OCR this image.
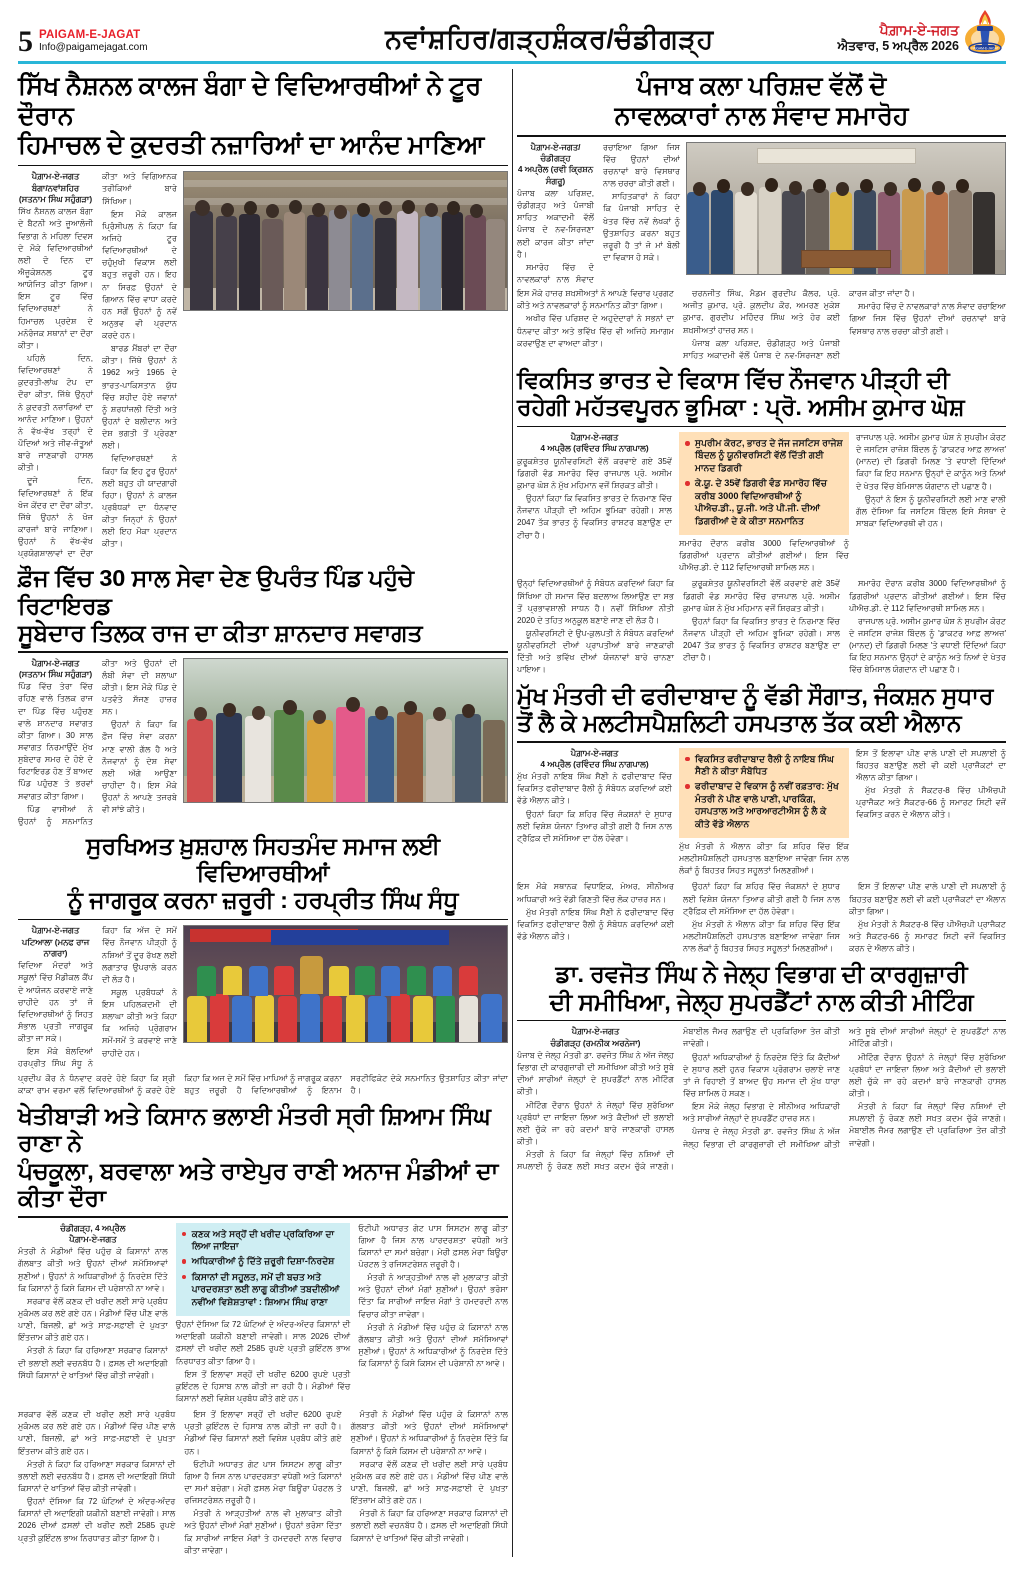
5 PAIGAM-E-JAGAT
Info@paigamejagat.com	ਨਵਾਂਸ਼ਹਿਰ/ਗੜ੍ਹਸ਼ੰਕਰ/ਚੰਡੀਗੜ੍ਹ	ਪੈਗ਼ਾਮ-ਏ-ਜਗਤ
ਐਤਵਾਰ, 5 ਅਪ੍ਰੈਲ 2026	PAIGAM-E-JAGAT
ਸਿੱਖ ਨੈਸ਼ਨਲ ਕਾਲਜ ਬੰਗਾ ਦੇ ਵਿਦਿਆਰਥੀਆਂ ਨੇ ਟੂਰ ਦੌਰਾਨ
ਹਿਮਾਚਲ ਦੇ ਕੁਦਰਤੀ ਨਜ਼ਾਰਿਆਂ ਦਾ ਆਨੰਦ ਮਾਣਿਆ
ਪੈਗ਼ਾਮ-ਏ-ਜਗਤ
ਬੰਗਾ/ਨਵਾਂਸ਼ਹਿਰ (ਸਤਨਾਮ ਸਿੰਘ ਸਹੁੰਗੜਾ)

ਸਿੱਖ ਨੈਸ਼ਨਲ ਕਾਲਜ ਬੰਗਾ ਦੇ ਬੈਟਨੀ ਅਤੇ ਜੂਆਲੋਜੀ ਵਿਭਾਗ ਨੇ ਮਹਿਲਾ ਦਿਵਸ ਦੇ ਮੌਕੇ ਵਿਦਿਆਰਥੀਆਂ ਲਈ ਦੋ ਦਿਨ ਦਾ ਐਜੂਕੇਸ਼ਨਲ ਟੂਰ ਆਯੋਜਿਤ ਕੀਤਾ ਗਿਆ। ਇਸ ਟੂਰ ਵਿੱਚ ਵਿਦਿਆਰਥਣਾਂ ਨੇ ਹਿਮਾਚਲ ਪ੍ਰਦੇਸ਼ ਦੇ ਮਨੋਰੰਜਕ ਸਥਾਨਾਂ ਦਾ ਦੌਰਾ ਕੀਤਾ।

ਪਹਿਲੇ ਦਿਨ, ਵਿਦਿਆਰਥਣਾਂ ਨੇ ਕੁਦਰਤੀ-ਲਾਂਘ ਟੋਪ ਦਾ ਦੌਰਾ ਕੀਤਾ, ਜਿੱਥੇ ਉਨ੍ਹਾਂ ਨੇ ਕੁਦਰਤੀ ਨਜ਼ਾਰਿਆਂ ਦਾ ਆਨੰਦ ਮਾਣਿਆ। ਉਹਨਾਂ ਨੇ ਵੱਖ-ਵੱਖ ਤਰ੍ਹਾਂ ਦੇ ਪੌਦਿਆਂ ਅਤੇ ਜੀਵ-ਜੰਤੂਆਂ ਬਾਰੇ ਜਾਣਕਾਰੀ ਹਾਸਲ ਕੀਤੀ।

ਦੂਜੇ ਦਿਨ, ਵਿਦਿਆਰਥਣਾਂ ਨੇ ਇੱਕ ਖੋਜ ਕੇਂਦਰ ਦਾ ਦੌਰਾ ਕੀਤਾ, ਜਿੱਥੇ ਉਹਨਾਂ ਨੇ ਖੋਜ ਕਾਰਜਾਂ ਬਾਰੇ ਜਾਣਿਆ। ਉਹਨਾਂ ਨੇ ਵੱਖ-ਵੱਖ ਪ੍ਰਯੋਗਸ਼ਾਲਾਵਾਂ ਦਾ ਦੌਰਾ ਕੀਤਾ ਅਤੇ ਵਿਗਿਆਨਕ ਤਰੀਕਿਆਂ ਬਾਰੇ ਸਿੱਖਿਆ।

ਇਸ ਮੌਕੇ ਕਾਲਜ ਪ੍ਰਿੰਸੀਪਲ ਨੇ ਕਿਹਾ ਕਿ ਅਜਿਹੇ ਟੂਰ ਵਿਦਿਆਰਥੀਆਂ ਦੇ ਚਹੁੰਮੁਖੀ ਵਿਕਾਸ ਲਈ ਬਹੁਤ ਜ਼ਰੂਰੀ ਹਨ। ਇਹ ਨਾ ਸਿਰਫ਼ ਉਹਨਾਂ ਦੇ ਗਿਆਨ ਵਿੱਚ ਵਾਧਾ ਕਰਦੇ ਹਨ ਸਗੋਂ ਉਹਨਾਂ ਨੂੰ ਨਵੇਂ ਅਨੁਭਵ ਵੀ ਪ੍ਰਦਾਨ ਕਰਦੇ ਹਨ।

ਬਾਰਡ ਮੈਂਬਰਾਂ ਦਾ ਦੌਰਾ ਕੀਤਾ। ਜਿੱਥੇ ਉਹਨਾਂ ਨੇ 1962 ਅਤੇ 1965 ਦੇ ਭਾਰਤ-ਪਾਕਿਸਤਾਨ ਯੁੱਧ ਵਿੱਚ ਸ਼ਹੀਦ ਹੋਏ ਜਵਾਨਾਂ ਨੂੰ ਸ਼ਰਧਾਂਜਲੀ ਦਿੱਤੀ ਅਤੇ ਉਹਨਾਂ ਦੇ ਬਲੀਦਾਨ ਅਤੇ ਦੇਸ਼ ਭਗਤੀ ਤੋਂ ਪ੍ਰੇਰਣਾ ਲਈ।

ਵਿਦਿਆਰਥਣਾਂ ਨੇ ਕਿਹਾ ਕਿ ਇਹ ਟੂਰ ਉਹਨਾਂ ਲਈ ਬਹੁਤ ਹੀ ਯਾਦਗਾਰੀ ਰਿਹਾ। ਉਹਨਾਂ ਨੇ ਕਾਲਜ ਪ੍ਰਬੰਧਕਾਂ ਦਾ ਧੰਨਵਾਦ ਕੀਤਾ ਜਿਨ੍ਹਾਂ ਨੇ ਉਹਨਾਂ ਲਈ ਇਹ ਮੌਕਾ ਪ੍ਰਦਾਨ ਕੀਤਾ।

ਫ਼ੌਜ ਵਿੱਚ 30 ਸਾਲ ਸੇਵਾ ਦੇਣ ਉਪਰੰਤ ਪਿੰਡ ਪਹੁੰਚੇ ਰਿਟਾਇਰਡ
ਸੂਬੇਦਾਰ ਤਿਲਕ ਰਾਜ ਦਾ ਕੀਤਾ ਸ਼ਾਨਦਾਰ ਸਵਾਗਤ
ਪੈਗ਼ਾਮ-ਏ-ਜਗਤ
(ਸਤਨਾਮ ਸਿੰਘ ਸਹੁੰਗੜਾ)

ਪਿੰਡ ਵਿੱਚ ਤੇਰਾ ਵਿੱਚ ਰਹਿਣ ਵਾਲੇ ਤਿਲਕ ਰਾਜ ਦਾ ਪਿੰਡ ਵਿੱਚ ਪਹੁੰਚਣ ਵਾਲੇ ਸ਼ਾਨਦਾਰ ਸਵਾਗਤ ਕੀਤਾ ਗਿਆ। 30 ਸਾਲ ਸਵਾਗਤ ਨਿਰਮਾਉਂਦੇ ਮੁੱਖ ਸੁਬੇਦਾਰ ਸਮਰ ਦੇ ਹੋਏ ਦੇ ਰਿਟਾਇਰਡ ਹੋਣ ਤੋਂ ਬਾਅਦ ਪਿੰਡ ਪਹੁੰਚਣ ਤੇ ਭਰਵਾਂ ਸਵਾਗਤ ਕੀਤਾ ਗਿਆ।

ਪਿੰਡ ਵਾਸੀਆਂ ਨੇ ਉਹਨਾਂ ਨੂੰ ਸਨਮਾਨਿਤ ਕੀਤਾ ਅਤੇ ਉਹਨਾਂ ਦੀ ਲੰਬੀ ਸੇਵਾ ਦੀ ਸ਼ਲਾਘਾ ਕੀਤੀ। ਇਸ ਮੌਕੇ ਪਿੰਡ ਦੇ ਪਤਵੰਤੇ ਸੱਜਣ ਹਾਜ਼ਰ ਸਨ।

ਉਹਨਾਂ ਨੇ ਕਿਹਾ ਕਿ ਫ਼ੌਜ ਵਿੱਚ ਸੇਵਾ ਕਰਨਾ ਮਾਣ ਵਾਲੀ ਗੱਲ ਹੈ ਅਤੇ ਨੌਜਵਾਨਾਂ ਨੂੰ ਦੇਸ਼ ਸੇਵਾ ਲਈ ਅੱਗੇ ਆਉਣਾ ਚਾਹੀਦਾ ਹੈ। ਇਸ ਮੌਕੇ ਉਹਨਾਂ ਨੇ ਆਪਣੇ ਤਜਰਬੇ ਵੀ ਸਾਂਝੇ ਕੀਤੇ।

ਸੁਰਖਿਅਤ ਖ਼ੁਸ਼ਹਾਲ ਸਿਹਤਮੰਦ ਸਮਾਜ ਲਈ ਵਿਦਿਆਰਥੀਆਂ
ਨੂੰ ਜਾਗਰੂਕ ਕਰਨਾ ਜ਼ਰੂਰੀ : ਹਰਪ੍ਰੀਤ ਸਿੰਘ ਸੰਧੂ
ਪੈਗ਼ਾਮ-ਏ-ਜਗਤ
ਪਟਿਆਲਾ (ਮਨਫ ਰਾਜ ਨਾਗਰਾ)

ਵਿਦਿਆ ਮੰਦਰਾਂ ਅਤੇ ਸਕੂਲਾਂ ਵਿੱਚ ਮੈਡੀਕਲ ਕੈਂਪ ਦੇ ਆਯੋਜਨ ਕਰਵਾਏ ਜਾਣੇ ਚਾਹੀਦੇ ਹਨ ਤਾਂ ਜੋ ਵਿਦਿਆਰਥੀਆਂ ਨੂੰ ਸਿਹਤ ਸੰਭਾਲ ਪ੍ਰਤੀ ਜਾਗਰੂਕ ਕੀਤਾ ਜਾ ਸਕੇ।

ਇਸ ਮੌਕੇ ਬੋਲਦਿਆਂ ਹਰਪ੍ਰੀਤ ਸਿੰਘ ਸੰਧੂ ਨੇ ਕਿਹਾ ਕਿ ਅੱਜ ਦੇ ਸਮੇਂ ਵਿੱਚ ਨੌਜਵਾਨ ਪੀੜ੍ਹੀ ਨੂੰ ਨਸ਼ਿਆਂ ਤੋਂ ਦੂਰ ਰੱਖਣ ਲਈ ਲਗਾਤਾਰ ਉਪਰਾਲੇ ਕਰਨ ਦੀ ਲੋੜ ਹੈ।

ਸਕੂਲ ਪ੍ਰਬੰਧਕਾਂ ਨੇ ਇਸ ਪਹਿਲਕਦਮੀ ਦੀ ਸ਼ਲਾਘਾ ਕੀਤੀ ਅਤੇ ਕਿਹਾ ਕਿ ਅਜਿਹੇ ਪ੍ਰੋਗਰਾਮ ਸਮੇਂ-ਸਮੇਂ ਤੇ ਕਰਵਾਏ ਜਾਣੇ ਚਾਹੀਦੇ ਹਨ।

ਪ੍ਰਦੀਪ ਕੌਰ ਨੇ ਧੰਨਵਾਦ ਕਰਦੇ ਹੋਏ ਕਿਹਾ ਕਿ ਸ਼੍ਰੀ ਕਾਕਾ ਰਾਮ ਵਰਮਾ ਵਲੋਂ ਵਿਦਿਆਰਥੀਆਂ ਨੂੰ ਕਰਦੇ ਹੋਏ ਕਿਹਾ ਕਿ ਅਜ ਦੇ ਸਮੇਂ ਵਿੱਚ ਮਾਪਿਆਂ ਨੂੰ ਜਾਗਰੂਕ ਕਰਨਾ ਬਹੁਤ ਜ਼ਰੂਰੀ ਹੈ ਵਿਦਿਆਰਥੀਆਂ ਨੂੰ ਇਨਾਮ ਸਰਟੀਫਿਕੇਟ ਦੇਕੇ ਸਨਮਾਨਿਤ ਉਤਸ਼ਾਹਿਤ ਕੀਤਾ ਜਾਂਦਾ ਹੈ।

ਖੇਤੀਬਾੜੀ ਅਤੇ ਕਿਸਾਨ ਭਲਾਈ ਮੰਤਰੀ ਸ੍ਰੀ ਸ਼ਿਆਮ ਸਿੰਘ ਰਾਣਾ ਨੇ
ਪੰਚਕੂਲਾ, ਬਰਵਾਲਾ ਅਤੇ ਰਾਏਪੁਰ ਰਾਣੀ ਅਨਾਜ ਮੰਡੀਆਂ ਦਾ ਕੀਤਾ ਦੌਰਾ
ਚੰਡੀਗੜ੍ਹ, 4 ਅਪ੍ਰੈਲ
ਪੈਗ਼ਾਮ-ਏ-ਜਗਤ

ਮੰਤਰੀ ਨੇ ਮੰਡੀਆਂ ਵਿੱਚ ਪਹੁੰਚ ਕੇ ਕਿਸਾਨਾਂ ਨਾਲ ਗੱਲਬਾਤ ਕੀਤੀ ਅਤੇ ਉਹਨਾਂ ਦੀਆਂ ਸਮੱਸਿਆਵਾਂ ਸੁਣੀਆਂ। ਉਹਨਾਂ ਨੇ ਅਧਿਕਾਰੀਆਂ ਨੂੰ ਨਿਰਦੇਸ਼ ਦਿੱਤੇ ਕਿ ਕਿਸਾਨਾਂ ਨੂੰ ਕਿਸੇ ਕਿਸਮ ਦੀ ਪਰੇਸ਼ਾਨੀ ਨਾ ਆਵੇ।

ਸਰਕਾਰ ਵੱਲੋਂ ਕਣਕ ਦੀ ਖਰੀਦ ਲਈ ਸਾਰੇ ਪ੍ਰਬੰਧ ਮੁਕੰਮਲ ਕਰ ਲਏ ਗਏ ਹਨ। ਮੰਡੀਆਂ ਵਿੱਚ ਪੀਣ ਵਾਲੇ ਪਾਣੀ, ਬਿਜਲੀ, ਛਾਂ ਅਤੇ ਸਾਫ਼-ਸਫ਼ਾਈ ਦੇ ਪੁਖ਼ਤਾ ਇੰਤਜ਼ਾਮ ਕੀਤੇ ਗਏ ਹਨ।

ਮੰਤਰੀ ਨੇ ਕਿਹਾ ਕਿ ਹਰਿਆਣਾ ਸਰਕਾਰ ਕਿਸਾਨਾਂ ਦੀ ਭਲਾਈ ਲਈ ਵਚਨਬੱਧ ਹੈ। ਫ਼ਸਲ ਦੀ ਅਦਾਇਗੀ ਸਿੱਧੀ ਕਿਸਾਨਾਂ ਦੇ ਖਾਤਿਆਂ ਵਿੱਚ ਕੀਤੀ ਜਾਵੇਗੀ।

ਕਣਕ ਅਤੇ ਸਰ੍ਹੋਂ ਦੀ ਖਰੀਦ ਪ੍ਰਕਿਰਿਆ ਦਾ ਲਿਆ ਜਾਇਜ਼ਾ
ਅਧਿਕਾਰੀਆਂ ਨੂੰ ਦਿੱਤੇ ਜ਼ਰੂਰੀ ਦਿਸ਼ਾ-ਨਿਰਦੇਸ਼
ਕਿਸਾਨਾਂ ਦੀ ਸਹੂਲਤ, ਸਮੇਂ ਦੀ ਬਚਤ ਅਤੇ ਪਾਰਦਰਸ਼ਤਾ ਲਈ ਲਾਗੂ ਕੀਤੀਆਂ ਤਬਦੀਲੀਆਂ ਨਵੀਂਆਂ ਵਿਸ਼ੇਸ਼ਤਾਵਾਂ : ਸ਼ਿਆਮ ਸਿੰਘ ਰਾਣਾ

ਉਹਨਾਂ ਦੱਸਿਆ ਕਿ 72 ਘੰਟਿਆਂ ਦੇ ਅੰਦਰ-ਅੰਦਰ ਕਿਸਾਨਾਂ ਦੀ ਅਦਾਇਗੀ ਯਕੀਨੀ ਬਣਾਈ ਜਾਵੇਗੀ। ਸਾਲ 2026 ਦੀਆਂ ਫ਼ਸਲਾਂ ਦੀ ਖਰੀਦ ਲਈ 2585 ਰੁਪਏ ਪ੍ਰਤੀ ਕੁਇੰਟਲ ਭਾਅ ਨਿਰਧਾਰਤ ਕੀਤਾ ਗਿਆ ਹੈ।

ਇਸ ਤੋਂ ਇਲਾਵਾ ਸਰ੍ਹੋਂ ਦੀ ਖਰੀਦ 6200 ਰੁਪਏ ਪ੍ਰਤੀ ਕੁਇੰਟਲ ਦੇ ਹਿਸਾਬ ਨਾਲ ਕੀਤੀ ਜਾ ਰਹੀ ਹੈ। ਮੰਡੀਆਂ ਵਿੱਚ ਕਿਸਾਨਾਂ ਲਈ ਵਿਸ਼ੇਸ਼ ਪ੍ਰਬੰਧ ਕੀਤੇ ਗਏ ਹਨ।

ਓਟੀਪੀ ਅਧਾਰਤ ਗੇਟ ਪਾਸ ਸਿਸਟਮ ਲਾਗੂ ਕੀਤਾ ਗਿਆ ਹੈ ਜਿਸ ਨਾਲ ਪਾਰਦਰਸ਼ਤਾ ਵਧੇਗੀ ਅਤੇ ਕਿਸਾਨਾਂ ਦਾ ਸਮਾਂ ਬਚੇਗਾ। ਮੇਰੀ ਫ਼ਸਲ ਮੇਰਾ ਬਿਊਰਾ ਪੋਰਟਲ ਤੇ ਰਜਿਸਟਰੇਸ਼ਨ ਜ਼ਰੂਰੀ ਹੈ।

ਮੰਤਰੀ ਨੇ ਆੜ੍ਹਤੀਆਂ ਨਾਲ ਵੀ ਮੁਲਾਕਾਤ ਕੀਤੀ ਅਤੇ ਉਹਨਾਂ ਦੀਆਂ ਮੰਗਾਂ ਸੁਣੀਆਂ। ਉਹਨਾਂ ਭਰੋਸਾ ਦਿੱਤਾ ਕਿ ਸਾਰੀਆਂ ਜਾਇਜ਼ ਮੰਗਾਂ ਤੇ ਹਮਦਰਦੀ ਨਾਲ ਵਿਚਾਰ ਕੀਤਾ ਜਾਵੇਗਾ।

ਮੰਤਰੀ ਨੇ ਮੰਡੀਆਂ ਵਿੱਚ ਪਹੁੰਚ ਕੇ ਕਿਸਾਨਾਂ ਨਾਲ ਗੱਲਬਾਤ ਕੀਤੀ ਅਤੇ ਉਹਨਾਂ ਦੀਆਂ ਸਮੱਸਿਆਵਾਂ ਸੁਣੀਆਂ। ਉਹਨਾਂ ਨੇ ਅਧਿਕਾਰੀਆਂ ਨੂੰ ਨਿਰਦੇਸ਼ ਦਿੱਤੇ ਕਿ ਕਿਸਾਨਾਂ ਨੂੰ ਕਿਸੇ ਕਿਸਮ ਦੀ ਪਰੇਸ਼ਾਨੀ ਨਾ ਆਵੇ।

ਸਰਕਾਰ ਵੱਲੋਂ ਕਣਕ ਦੀ ਖਰੀਦ ਲਈ ਸਾਰੇ ਪ੍ਰਬੰਧ ਮੁਕੰਮਲ ਕਰ ਲਏ ਗਏ ਹਨ। ਮੰਡੀਆਂ ਵਿੱਚ ਪੀਣ ਵਾਲੇ ਪਾਣੀ, ਬਿਜਲੀ, ਛਾਂ ਅਤੇ ਸਾਫ਼-ਸਫ਼ਾਈ ਦੇ ਪੁਖ਼ਤਾ ਇੰਤਜ਼ਾਮ ਕੀਤੇ ਗਏ ਹਨ।

ਮੰਤਰੀ ਨੇ ਕਿਹਾ ਕਿ ਹਰਿਆਣਾ ਸਰਕਾਰ ਕਿਸਾਨਾਂ ਦੀ ਭਲਾਈ ਲਈ ਵਚਨਬੱਧ ਹੈ। ਫ਼ਸਲ ਦੀ ਅਦਾਇਗੀ ਸਿੱਧੀ ਕਿਸਾਨਾਂ ਦੇ ਖਾਤਿਆਂ ਵਿੱਚ ਕੀਤੀ ਜਾਵੇਗੀ।

ਉਹਨਾਂ ਦੱਸਿਆ ਕਿ 72 ਘੰਟਿਆਂ ਦੇ ਅੰਦਰ-ਅੰਦਰ ਕਿਸਾਨਾਂ ਦੀ ਅਦਾਇਗੀ ਯਕੀਨੀ ਬਣਾਈ ਜਾਵੇਗੀ। ਸਾਲ 2026 ਦੀਆਂ ਫ਼ਸਲਾਂ ਦੀ ਖਰੀਦ ਲਈ 2585 ਰੁਪਏ ਪ੍ਰਤੀ ਕੁਇੰਟਲ ਭਾਅ ਨਿਰਧਾਰਤ ਕੀਤਾ ਗਿਆ ਹੈ।

ਇਸ ਤੋਂ ਇਲਾਵਾ ਸਰ੍ਹੋਂ ਦੀ ਖਰੀਦ 6200 ਰੁਪਏ ਪ੍ਰਤੀ ਕੁਇੰਟਲ ਦੇ ਹਿਸਾਬ ਨਾਲ ਕੀਤੀ ਜਾ ਰਹੀ ਹੈ। ਮੰਡੀਆਂ ਵਿੱਚ ਕਿਸਾਨਾਂ ਲਈ ਵਿਸ਼ੇਸ਼ ਪ੍ਰਬੰਧ ਕੀਤੇ ਗਏ ਹਨ।

ਓਟੀਪੀ ਅਧਾਰਤ ਗੇਟ ਪਾਸ ਸਿਸਟਮ ਲਾਗੂ ਕੀਤਾ ਗਿਆ ਹੈ ਜਿਸ ਨਾਲ ਪਾਰਦਰਸ਼ਤਾ ਵਧੇਗੀ ਅਤੇ ਕਿਸਾਨਾਂ ਦਾ ਸਮਾਂ ਬਚੇਗਾ। ਮੇਰੀ ਫ਼ਸਲ ਮੇਰਾ ਬਿਊਰਾ ਪੋਰਟਲ ਤੇ ਰਜਿਸਟਰੇਸ਼ਨ ਜ਼ਰੂਰੀ ਹੈ।

ਮੰਤਰੀ ਨੇ ਆੜ੍ਹਤੀਆਂ ਨਾਲ ਵੀ ਮੁਲਾਕਾਤ ਕੀਤੀ ਅਤੇ ਉਹਨਾਂ ਦੀਆਂ ਮੰਗਾਂ ਸੁਣੀਆਂ। ਉਹਨਾਂ ਭਰੋਸਾ ਦਿੱਤਾ ਕਿ ਸਾਰੀਆਂ ਜਾਇਜ਼ ਮੰਗਾਂ ਤੇ ਹਮਦਰਦੀ ਨਾਲ ਵਿਚਾਰ ਕੀਤਾ ਜਾਵੇਗਾ।

ਮੰਤਰੀ ਨੇ ਮੰਡੀਆਂ ਵਿੱਚ ਪਹੁੰਚ ਕੇ ਕਿਸਾਨਾਂ ਨਾਲ ਗੱਲਬਾਤ ਕੀਤੀ ਅਤੇ ਉਹਨਾਂ ਦੀਆਂ ਸਮੱਸਿਆਵਾਂ ਸੁਣੀਆਂ। ਉਹਨਾਂ ਨੇ ਅਧਿਕਾਰੀਆਂ ਨੂੰ ਨਿਰਦੇਸ਼ ਦਿੱਤੇ ਕਿ ਕਿਸਾਨਾਂ ਨੂੰ ਕਿਸੇ ਕਿਸਮ ਦੀ ਪਰੇਸ਼ਾਨੀ ਨਾ ਆਵੇ।

ਸਰਕਾਰ ਵੱਲੋਂ ਕਣਕ ਦੀ ਖਰੀਦ ਲਈ ਸਾਰੇ ਪ੍ਰਬੰਧ ਮੁਕੰਮਲ ਕਰ ਲਏ ਗਏ ਹਨ। ਮੰਡੀਆਂ ਵਿੱਚ ਪੀਣ ਵਾਲੇ ਪਾਣੀ, ਬਿਜਲੀ, ਛਾਂ ਅਤੇ ਸਾਫ਼-ਸਫ਼ਾਈ ਦੇ ਪੁਖ਼ਤਾ ਇੰਤਜ਼ਾਮ ਕੀਤੇ ਗਏ ਹਨ।

ਮੰਤਰੀ ਨੇ ਕਿਹਾ ਕਿ ਹਰਿਆਣਾ ਸਰਕਾਰ ਕਿਸਾਨਾਂ ਦੀ ਭਲਾਈ ਲਈ ਵਚਨਬੱਧ ਹੈ। ਫ਼ਸਲ ਦੀ ਅਦਾਇਗੀ ਸਿੱਧੀ ਕਿਸਾਨਾਂ ਦੇ ਖਾਤਿਆਂ ਵਿੱਚ ਕੀਤੀ ਜਾਵੇਗੀ।

ਪੰਜਾਬ ਕਲਾ ਪਰਿਸ਼ਦ ਵੱਲੋਂ ਦੋ
ਨਾਵਲਕਾਰਾਂ ਨਾਲ ਸੰਵਾਦ ਸਮਾਰੋਹ
ਪੈਗ਼ਾਮ-ਏ-ਜਗਤ/ਚੰਡੀਗੜ੍ਹ
4 ਅਪ੍ਰੈਲ (ਰਵੀ ਕ੍ਰਿਸ਼ਨ ਸੰਗਰੂ)

ਪੰਜਾਬ ਕਲਾ ਪਰਿਸ਼ਦ, ਚੰਡੀਗੜ੍ਹ ਅਤੇ ਪੰਜਾਬੀ ਸਾਹਿਤ ਅਕਾਦਮੀ ਵੱਲੋਂ ਪੰਜਾਬ ਦੇ ਨਵ-ਸਿਰਜਣਾ ਲਈ ਕਾਰਜ ਕੀਤਾ ਜਾਂਦਾ ਹੈ।

ਸਮਾਰੋਹ ਵਿੱਚ ਦੋ ਨਾਵਲਕਾਰਾਂ ਨਾਲ ਸੰਵਾਦ ਰਚਾਇਆ ਗਿਆ ਜਿਸ ਵਿੱਚ ਉਹਨਾਂ ਦੀਆਂ ਰਚਨਾਵਾਂ ਬਾਰੇ ਵਿਸਥਾਰ ਨਾਲ ਚਰਚਾ ਕੀਤੀ ਗਈ।

ਸਾਹਿਤਕਾਰਾਂ ਨੇ ਕਿਹਾ ਕਿ ਪੰਜਾਬੀ ਸਾਹਿਤ ਦੇ ਖੇਤਰ ਵਿੱਚ ਨਵੇਂ ਲੇਖਕਾਂ ਨੂੰ ਉਤਸ਼ਾਹਿਤ ਕਰਨਾ ਬਹੁਤ ਜ਼ਰੂਰੀ ਹੈ ਤਾਂ ਜੋ ਮਾਂ ਬੋਲੀ ਦਾ ਵਿਕਾਸ ਹੋ ਸਕੇ।

ਇਸ ਮੌਕੇ ਹਾਜ਼ਰ ਸ਼ਖ਼ਸੀਅਤਾਂ ਨੇ ਆਪਣੇ ਵਿਚਾਰ ਪ੍ਰਗਟ ਕੀਤੇ ਅਤੇ ਨਾਵਲਕਾਰਾਂ ਨੂੰ ਸਨਮਾਨਿਤ ਕੀਤਾ ਗਿਆ।

ਅਖੀਰ ਵਿੱਚ ਪਰਿਸ਼ਦ ਦੇ ਅਹੁਦੇਦਾਰਾਂ ਨੇ ਸਭਨਾਂ ਦਾ ਧੰਨਵਾਦ ਕੀਤਾ ਅਤੇ ਭਵਿੱਖ ਵਿੱਚ ਵੀ ਅਜਿਹੇ ਸਮਾਗਮ ਕਰਵਾਉਣ ਦਾ ਵਾਅਦਾ ਕੀਤਾ।

ਚਰਨਜੀਤ ਸਿੰਘ, ਮੈਡਮ ਗੁਰਦੀਪ ਕੈਲਰ, ਪ੍ਰੋ. ਅਜੀਤ ਕੁਮਾਰ, ਪ੍ਰੋ. ਕੁਲਦੀਪ ਕੌਰ, ਅਮਰਣ ਮੁਕੇਸ਼ ਕੁਮਾਰ, ਗੁਰਦੀਪ ਮਹਿੰਦਰ ਸਿੰਘ ਅਤੇ ਹੋਰ ਕਈ ਸ਼ਖ਼ਸੀਅਤਾਂ ਹਾਜ਼ਰ ਸਨ।

ਪੰਜਾਬ ਕਲਾ ਪਰਿਸ਼ਦ, ਚੰਡੀਗੜ੍ਹ ਅਤੇ ਪੰਜਾਬੀ ਸਾਹਿਤ ਅਕਾਦਮੀ ਵੱਲੋਂ ਪੰਜਾਬ ਦੇ ਨਵ-ਸਿਰਜਣਾ ਲਈ ਕਾਰਜ ਕੀਤਾ ਜਾਂਦਾ ਹੈ।

ਸਮਾਰੋਹ ਵਿੱਚ ਦੋ ਨਾਵਲਕਾਰਾਂ ਨਾਲ ਸੰਵਾਦ ਰਚਾਇਆ ਗਿਆ ਜਿਸ ਵਿੱਚ ਉਹਨਾਂ ਦੀਆਂ ਰਚਨਾਵਾਂ ਬਾਰੇ ਵਿਸਥਾਰ ਨਾਲ ਚਰਚਾ ਕੀਤੀ ਗਈ।

ਵਿਕਸਿਤ ਭਾਰਤ ਦੇ ਵਿਕਾਸ ਵਿੱਚ ਨੌਜਵਾਨ ਪੀੜ੍ਹੀ ਦੀ
ਰਹੇਗੀ ਮਹੱਤਵਪੂਰਨ ਭੂਮਿਕਾ : ਪ੍ਰੋ. ਅਸੀਮ ਕੁਮਾਰ ਘੋਸ਼
ਪੈਗ਼ਾਮ-ਏ-ਜਗਤ
4 ਅਪ੍ਰੈਲ (ਰਵਿੰਦਰ ਸਿੰਘ ਨਾਗਪਾਲ)

ਕੁਰੂਕਸ਼ੇਤਰ ਯੂਨੀਵਰਸਿਟੀ ਵੱਲੋਂ ਕਰਵਾਏ ਗਏ 35ਵੇਂ ਡਿਗਰੀ ਵੰਡ ਸਮਾਰੋਹ ਵਿੱਚ ਰਾਜਪਾਲ ਪ੍ਰੋ. ਅਸੀਮ ਕੁਮਾਰ ਘੋਸ਼ ਨੇ ਮੁੱਖ ਮਹਿਮਾਨ ਵਜੋਂ ਸ਼ਿਰਕਤ ਕੀਤੀ।

ਉਹਨਾਂ ਕਿਹਾ ਕਿ ਵਿਕਸਿਤ ਭਾਰਤ ਦੇ ਨਿਰਮਾਣ ਵਿੱਚ ਨੌਜਵਾਨ ਪੀੜ੍ਹੀ ਦੀ ਅਹਿਮ ਭੂਮਿਕਾ ਰਹੇਗੀ। ਸਾਲ 2047 ਤੱਕ ਭਾਰਤ ਨੂੰ ਵਿਕਸਿਤ ਰਾਸ਼ਟਰ ਬਣਾਉਣ ਦਾ ਟੀਚਾ ਹੈ।

ਸੁਪਰੀਮ ਕੋਰਟ, ਭਾਰਤ ਦੇ ਜੱਜ ਜਸਟਿਸ ਰਾਜੇਸ਼ ਬਿੰਦਲ ਨੂੰ ਯੂਨੀਵਰਸਿਟੀ ਵੱਲੋਂ ਦਿੱਤੀ ਗਈ ਮਾਨਦ ਡਿਗਰੀ
ਕੇ.ਯੂ. ਦੇ 35ਵੇਂ ਡਿਗਰੀ ਵੰਡ ਸਮਾਰੋਹ ਵਿੱਚ ਕਰੀਬ 3000 ਵਿਦਿਆਰਥੀਆਂ ਨੂੰ ਪੀਐਚ.ਡੀ., ਯੂ.ਜੀ. ਅਤੇ ਪੀ.ਜੀ. ਦੀਆਂ ਡਿਗਰੀਆਂ ਦੇ ਕੇ ਕੀਤਾ ਸਨਮਾਨਿਤ

ਸਮਾਰੋਹ ਦੌਰਾਨ ਕਰੀਬ 3000 ਵਿਦਿਆਰਥੀਆਂ ਨੂੰ ਡਿਗਰੀਆਂ ਪ੍ਰਦਾਨ ਕੀਤੀਆਂ ਗਈਆਂ। ਇਸ ਵਿੱਚ ਪੀਐਚ.ਡੀ. ਦੇ 112 ਵਿਦਿਆਰਥੀ ਸ਼ਾਮਿਲ ਸਨ।

ਰਾਜਪਾਲ ਪ੍ਰੋ. ਅਸੀਮ ਕੁਮਾਰ ਘੋਸ਼ ਨੇ ਸੁਪਰੀਮ ਕੋਰਟ ਦੇ ਜਸਟਿਸ ਰਾਜੇਸ਼ ਬਿੰਦਲ ਨੂੰ 'ਡਾਕਟਰ ਆਫ਼ ਲਾਅਜ਼' (ਮਾਨਦ) ਦੀ ਡਿਗਰੀ ਮਿਲਣ 'ਤੇ ਵਧਾਈ ਦਿੰਦਿਆਂ ਕਿਹਾ ਕਿ ਇਹ ਸਨਮਾਨ ਉਨ੍ਹਾਂ ਦੇ ਕਾਨੂੰਨ ਅਤੇ ਨਿਆਂ ਦੇ ਖੇਤਰ ਵਿੱਚ ਬੇਮਿਸਾਲ ਯੋਗਦਾਨ ਦੀ ਪਛਾਣ ਹੈ।

ਉਨ੍ਹਾਂ ਨੇ ਇਸ ਨੂੰ ਯੂਨੀਵਰਸਿਟੀ ਲਈ ਮਾਣ ਵਾਲੀ ਗੱਲ ਦੱਸਿਆ ਕਿ ਜਸਟਿਸ ਬਿੰਦਲ ਇਸੇ ਸੰਸਥਾ ਦੇ ਸਾਬਕਾ ਵਿਦਿਆਰਥੀ ਵੀ ਹਨ।

ਉਨ੍ਹਾਂ ਵਿਦਿਆਰਥੀਆਂ ਨੂੰ ਸੰਬੋਧਨ ਕਰਦਿਆਂ ਕਿਹਾ ਕਿ ਸਿੱਖਿਆ ਹੀ ਸਮਾਜ ਵਿੱਚ ਬਦਲਾਅ ਲਿਆਉਣ ਦਾ ਸਭ ਤੋਂ ਪ੍ਰਭਾਵਸ਼ਾਲੀ ਸਾਧਨ ਹੈ। ਨਵੀਂ ਸਿੱਖਿਆ ਨੀਤੀ 2020 ਦੇ ਤਹਿਤ ਅਨੁਕੂਲ ਬਣਾਏ ਜਾਣ ਦੀ ਲੋੜ ਹੈ।

ਯੂਨੀਵਰਸਿਟੀ ਦੇ ਉਪ-ਕੁਲਪਤੀ ਨੇ ਸੰਬੋਧਨ ਕਰਦਿਆਂ ਯੂਨੀਵਰਸਿਟੀ ਦੀਆਂ ਪ੍ਰਾਪਤੀਆਂ ਬਾਰੇ ਜਾਣਕਾਰੀ ਦਿੱਤੀ ਅਤੇ ਭਵਿੱਖ ਦੀਆਂ ਯੋਜਨਾਵਾਂ ਬਾਰੇ ਚਾਨਣਾ ਪਾਇਆ।

ਕੁਰੂਕਸ਼ੇਤਰ ਯੂਨੀਵਰਸਿਟੀ ਵੱਲੋਂ ਕਰਵਾਏ ਗਏ 35ਵੇਂ ਡਿਗਰੀ ਵੰਡ ਸਮਾਰੋਹ ਵਿੱਚ ਰਾਜਪਾਲ ਪ੍ਰੋ. ਅਸੀਮ ਕੁਮਾਰ ਘੋਸ਼ ਨੇ ਮੁੱਖ ਮਹਿਮਾਨ ਵਜੋਂ ਸ਼ਿਰਕਤ ਕੀਤੀ।

ਉਹਨਾਂ ਕਿਹਾ ਕਿ ਵਿਕਸਿਤ ਭਾਰਤ ਦੇ ਨਿਰਮਾਣ ਵਿੱਚ ਨੌਜਵਾਨ ਪੀੜ੍ਹੀ ਦੀ ਅਹਿਮ ਭੂਮਿਕਾ ਰਹੇਗੀ। ਸਾਲ 2047 ਤੱਕ ਭਾਰਤ ਨੂੰ ਵਿਕਸਿਤ ਰਾਸ਼ਟਰ ਬਣਾਉਣ ਦਾ ਟੀਚਾ ਹੈ।

ਸਮਾਰੋਹ ਦੌਰਾਨ ਕਰੀਬ 3000 ਵਿਦਿਆਰਥੀਆਂ ਨੂੰ ਡਿਗਰੀਆਂ ਪ੍ਰਦਾਨ ਕੀਤੀਆਂ ਗਈਆਂ। ਇਸ ਵਿੱਚ ਪੀਐਚ.ਡੀ. ਦੇ 112 ਵਿਦਿਆਰਥੀ ਸ਼ਾਮਿਲ ਸਨ।

ਰਾਜਪਾਲ ਪ੍ਰੋ. ਅਸੀਮ ਕੁਮਾਰ ਘੋਸ਼ ਨੇ ਸੁਪਰੀਮ ਕੋਰਟ ਦੇ ਜਸਟਿਸ ਰਾਜੇਸ਼ ਬਿੰਦਲ ਨੂੰ 'ਡਾਕਟਰ ਆਫ਼ ਲਾਅਜ਼' (ਮਾਨਦ) ਦੀ ਡਿਗਰੀ ਮਿਲਣ 'ਤੇ ਵਧਾਈ ਦਿੰਦਿਆਂ ਕਿਹਾ ਕਿ ਇਹ ਸਨਮਾਨ ਉਨ੍ਹਾਂ ਦੇ ਕਾਨੂੰਨ ਅਤੇ ਨਿਆਂ ਦੇ ਖੇਤਰ ਵਿੱਚ ਬੇਮਿਸਾਲ ਯੋਗਦਾਨ ਦੀ ਪਛਾਣ ਹੈ।

ਮੁੱਖ ਮੰਤਰੀ ਦੀ ਫਰੀਦਾਬਾਦ ਨੂੰ ਵੱਡੀ ਸੌਗਾਤ, ਜੰਕਸ਼ਨ ਸੁਧਾਰ
ਤੋਂ ਲੈ ਕੇ ਮਲਟੀਸਪੈਸ਼ਲਿਟੀ ਹਸਪਤਾਲ ਤੱਕ ਕਈ ਐਲਾਨ
ਪੈਗ਼ਾਮ-ਏ-ਜਗਤ
4 ਅਪ੍ਰੈਲ (ਰਵਿੰਦਰ ਸਿੰਘ ਨਾਗਪਾਲ)

ਮੁੱਖ ਮੰਤਰੀ ਨਾਇਬ ਸਿੰਘ ਸੈਣੀ ਨੇ ਫਰੀਦਾਬਾਦ ਵਿੱਚ ਵਿਕਸਿਤ ਫਰੀਦਾਬਾਦ ਰੈਲੀ ਨੂੰ ਸੰਬੋਧਨ ਕਰਦਿਆਂ ਕਈ ਵੱਡੇ ਐਲਾਨ ਕੀਤੇ।

ਉਹਨਾਂ ਕਿਹਾ ਕਿ ਸ਼ਹਿਰ ਵਿੱਚ ਜੰਕਸ਼ਨਾਂ ਦੇ ਸੁਧਾਰ ਲਈ ਵਿਸ਼ੇਸ਼ ਯੋਜਨਾ ਤਿਆਰ ਕੀਤੀ ਗਈ ਹੈ ਜਿਸ ਨਾਲ ਟ੍ਰੈਫ਼ਿਕ ਦੀ ਸਮੱਸਿਆ ਦਾ ਹੱਲ ਹੋਵੇਗਾ।

ਵਿਕਸਿਤ ਫਰੀਦਾਬਾਦ ਰੈਲੀ ਨੂੰ ਨਾਇਬ ਸਿੰਘ ਸੈਣੀ ਨੇ ਕੀਤਾ ਸੰਬੋਧਿਤ
ਫਰੀਦਾਬਾਦ ਦੇ ਵਿਕਾਸ ਨੂੰ ਨਵੀਂ ਰਫ਼ਤਾਰ: ਮੁੱਖ ਮੰਤਰੀ ਨੇ ਪੀਣ ਵਾਲੇ ਪਾਣੀ, ਪਾਰਕਿੰਗ, ਹਸਪਤਾਲ ਅਤੇ ਆਰਆਰਟੀਐਸ ਨੂੰ ਲੈ ਕੇ ਕੀਤੇ ਵੱਡੇ ਐਲਾਨ

ਮੁੱਖ ਮੰਤਰੀ ਨੇ ਐਲਾਨ ਕੀਤਾ ਕਿ ਸ਼ਹਿਰ ਵਿੱਚ ਇੱਕ ਮਲਟੀਸਪੈਸ਼ਲਿਟੀ ਹਸਪਤਾਲ ਬਣਾਇਆ ਜਾਵੇਗਾ ਜਿਸ ਨਾਲ ਲੋਕਾਂ ਨੂੰ ਬਿਹਤਰ ਸਿਹਤ ਸਹੂਲਤਾਂ ਮਿਲਣਗੀਆਂ।

ਇਸ ਤੋਂ ਇਲਾਵਾ ਪੀਣ ਵਾਲੇ ਪਾਣੀ ਦੀ ਸਪਲਾਈ ਨੂੰ ਬਿਹਤਰ ਬਣਾਉਣ ਲਈ ਵੀ ਕਈ ਪ੍ਰਾਜੈਕਟਾਂ ਦਾ ਐਲਾਨ ਕੀਤਾ ਗਿਆ।

ਮੁੱਖ ਮੰਤਰੀ ਨੇ ਸੈਕਟਰ-8 ਵਿੱਚ ਪੀਐਚਪੀ ਪ੍ਰਾਜੈਕਟ ਅਤੇ ਸੈਕਟਰ-66 ਨੂੰ ਸਮਾਰਟ ਸਿਟੀ ਵਜੋਂ ਵਿਕਸਿਤ ਕਰਨ ਦੇ ਐਲਾਨ ਕੀਤੇ।

ਇਸ ਮੌਕੇ ਸਥਾਨਕ ਵਿਧਾਇਕ, ਮੇਅਰ, ਸੀਨੀਅਰ ਅਧਿਕਾਰੀ ਅਤੇ ਵੱਡੀ ਗਿਣਤੀ ਵਿੱਚ ਲੋਕ ਹਾਜ਼ਰ ਸਨ।

ਮੁੱਖ ਮੰਤਰੀ ਨਾਇਬ ਸਿੰਘ ਸੈਣੀ ਨੇ ਫਰੀਦਾਬਾਦ ਵਿੱਚ ਵਿਕਸਿਤ ਫਰੀਦਾਬਾਦ ਰੈਲੀ ਨੂੰ ਸੰਬੋਧਨ ਕਰਦਿਆਂ ਕਈ ਵੱਡੇ ਐਲਾਨ ਕੀਤੇ।

ਉਹਨਾਂ ਕਿਹਾ ਕਿ ਸ਼ਹਿਰ ਵਿੱਚ ਜੰਕਸ਼ਨਾਂ ਦੇ ਸੁਧਾਰ ਲਈ ਵਿਸ਼ੇਸ਼ ਯੋਜਨਾ ਤਿਆਰ ਕੀਤੀ ਗਈ ਹੈ ਜਿਸ ਨਾਲ ਟ੍ਰੈਫ਼ਿਕ ਦੀ ਸਮੱਸਿਆ ਦਾ ਹੱਲ ਹੋਵੇਗਾ।

ਮੁੱਖ ਮੰਤਰੀ ਨੇ ਐਲਾਨ ਕੀਤਾ ਕਿ ਸ਼ਹਿਰ ਵਿੱਚ ਇੱਕ ਮਲਟੀਸਪੈਸ਼ਲਿਟੀ ਹਸਪਤਾਲ ਬਣਾਇਆ ਜਾਵੇਗਾ ਜਿਸ ਨਾਲ ਲੋਕਾਂ ਨੂੰ ਬਿਹਤਰ ਸਿਹਤ ਸਹੂਲਤਾਂ ਮਿਲਣਗੀਆਂ।

ਇਸ ਤੋਂ ਇਲਾਵਾ ਪੀਣ ਵਾਲੇ ਪਾਣੀ ਦੀ ਸਪਲਾਈ ਨੂੰ ਬਿਹਤਰ ਬਣਾਉਣ ਲਈ ਵੀ ਕਈ ਪ੍ਰਾਜੈਕਟਾਂ ਦਾ ਐਲਾਨ ਕੀਤਾ ਗਿਆ।

ਮੁੱਖ ਮੰਤਰੀ ਨੇ ਸੈਕਟਰ-8 ਵਿੱਚ ਪੀਐਚਪੀ ਪ੍ਰਾਜੈਕਟ ਅਤੇ ਸੈਕਟਰ-66 ਨੂੰ ਸਮਾਰਟ ਸਿਟੀ ਵਜੋਂ ਵਿਕਸਿਤ ਕਰਨ ਦੇ ਐਲਾਨ ਕੀਤੇ।

ਡਾ. ਰਵਜੋਤ ਸਿੰਘ ਨੇ ਜੇਲ੍ਹ ਵਿਭਾਗ ਦੀ ਕਾਰਗੁਜ਼ਾਰੀ
ਦੀ ਸਮੀਖਿਆ, ਜੇਲ੍ਹ ਸੁਪਰਡੈਂਟਾਂ ਨਾਲ ਕੀਤੀ ਮੀਟਿੰਗ
ਪੈਗ਼ਾਮ-ਏ-ਜਗਤ
ਚੰਡੀਗੜ੍ਹ (ਰਮਨੀਕ ਅਰਨੇਜਾ)

ਪੰਜਾਬ ਦੇ ਜੇਲ੍ਹ ਮੰਤਰੀ ਡਾ. ਰਵਜੋਤ ਸਿੰਘ ਨੇ ਅੱਜ ਜੇਲ੍ਹ ਵਿਭਾਗ ਦੀ ਕਾਰਗੁਜ਼ਾਰੀ ਦੀ ਸਮੀਖਿਆ ਕੀਤੀ ਅਤੇ ਸੂਬੇ ਦੀਆਂ ਸਾਰੀਆਂ ਜੇਲ੍ਹਾਂ ਦੇ ਸੁਪਰਡੈਂਟਾਂ ਨਾਲ ਮੀਟਿੰਗ ਕੀਤੀ।

ਮੀਟਿੰਗ ਦੌਰਾਨ ਉਹਨਾਂ ਨੇ ਜੇਲ੍ਹਾਂ ਵਿੱਚ ਸੁਰੱਖਿਆ ਪ੍ਰਬੰਧਾਂ ਦਾ ਜਾਇਜ਼ਾ ਲਿਆ ਅਤੇ ਕੈਦੀਆਂ ਦੀ ਭਲਾਈ ਲਈ ਚੁੱਕੇ ਜਾ ਰਹੇ ਕਦਮਾਂ ਬਾਰੇ ਜਾਣਕਾਰੀ ਹਾਸਲ ਕੀਤੀ।

ਮੰਤਰੀ ਨੇ ਕਿਹਾ ਕਿ ਜੇਲ੍ਹਾਂ ਵਿੱਚ ਨਸ਼ਿਆਂ ਦੀ ਸਪਲਾਈ ਨੂੰ ਰੋਕਣ ਲਈ ਸਖ਼ਤ ਕਦਮ ਚੁੱਕੇ ਜਾਣਗੇ। ਮੋਬਾਈਲ ਜੈਮਰ ਲਗਾਉਣ ਦੀ ਪ੍ਰਕਿਰਿਆ ਤੇਜ਼ ਕੀਤੀ ਜਾਵੇਗੀ।

ਉਹਨਾਂ ਅਧਿਕਾਰੀਆਂ ਨੂੰ ਨਿਰਦੇਸ਼ ਦਿੱਤੇ ਕਿ ਕੈਦੀਆਂ ਦੇ ਸੁਧਾਰ ਲਈ ਹੁਨਰ ਵਿਕਾਸ ਪ੍ਰੋਗਰਾਮ ਚਲਾਏ ਜਾਣ ਤਾਂ ਜੋ ਰਿਹਾਈ ਤੋਂ ਬਾਅਦ ਉਹ ਸਮਾਜ ਦੀ ਮੁੱਖ ਧਾਰਾ ਵਿੱਚ ਸ਼ਾਮਿਲ ਹੋ ਸਕਣ।

ਇਸ ਮੌਕੇ ਜੇਲ੍ਹ ਵਿਭਾਗ ਦੇ ਸੀਨੀਅਰ ਅਧਿਕਾਰੀ ਅਤੇ ਸਾਰੀਆਂ ਜੇਲ੍ਹਾਂ ਦੇ ਸੁਪਰਡੈਂਟ ਹਾਜ਼ਰ ਸਨ।

ਪੰਜਾਬ ਦੇ ਜੇਲ੍ਹ ਮੰਤਰੀ ਡਾ. ਰਵਜੋਤ ਸਿੰਘ ਨੇ ਅੱਜ ਜੇਲ੍ਹ ਵਿਭਾਗ ਦੀ ਕਾਰਗੁਜ਼ਾਰੀ ਦੀ ਸਮੀਖਿਆ ਕੀਤੀ ਅਤੇ ਸੂਬੇ ਦੀਆਂ ਸਾਰੀਆਂ ਜੇਲ੍ਹਾਂ ਦੇ ਸੁਪਰਡੈਂਟਾਂ ਨਾਲ ਮੀਟਿੰਗ ਕੀਤੀ।

ਮੀਟਿੰਗ ਦੌਰਾਨ ਉਹਨਾਂ ਨੇ ਜੇਲ੍ਹਾਂ ਵਿੱਚ ਸੁਰੱਖਿਆ ਪ੍ਰਬੰਧਾਂ ਦਾ ਜਾਇਜ਼ਾ ਲਿਆ ਅਤੇ ਕੈਦੀਆਂ ਦੀ ਭਲਾਈ ਲਈ ਚੁੱਕੇ ਜਾ ਰਹੇ ਕਦਮਾਂ ਬਾਰੇ ਜਾਣਕਾਰੀ ਹਾਸਲ ਕੀਤੀ।

ਮੰਤਰੀ ਨੇ ਕਿਹਾ ਕਿ ਜੇਲ੍ਹਾਂ ਵਿੱਚ ਨਸ਼ਿਆਂ ਦੀ ਸਪਲਾਈ ਨੂੰ ਰੋਕਣ ਲਈ ਸਖ਼ਤ ਕਦਮ ਚੁੱਕੇ ਜਾਣਗੇ। ਮੋਬਾਈਲ ਜੈਮਰ ਲਗਾਉਣ ਦੀ ਪ੍ਰਕਿਰਿਆ ਤੇਜ਼ ਕੀਤੀ ਜਾਵੇਗੀ।
